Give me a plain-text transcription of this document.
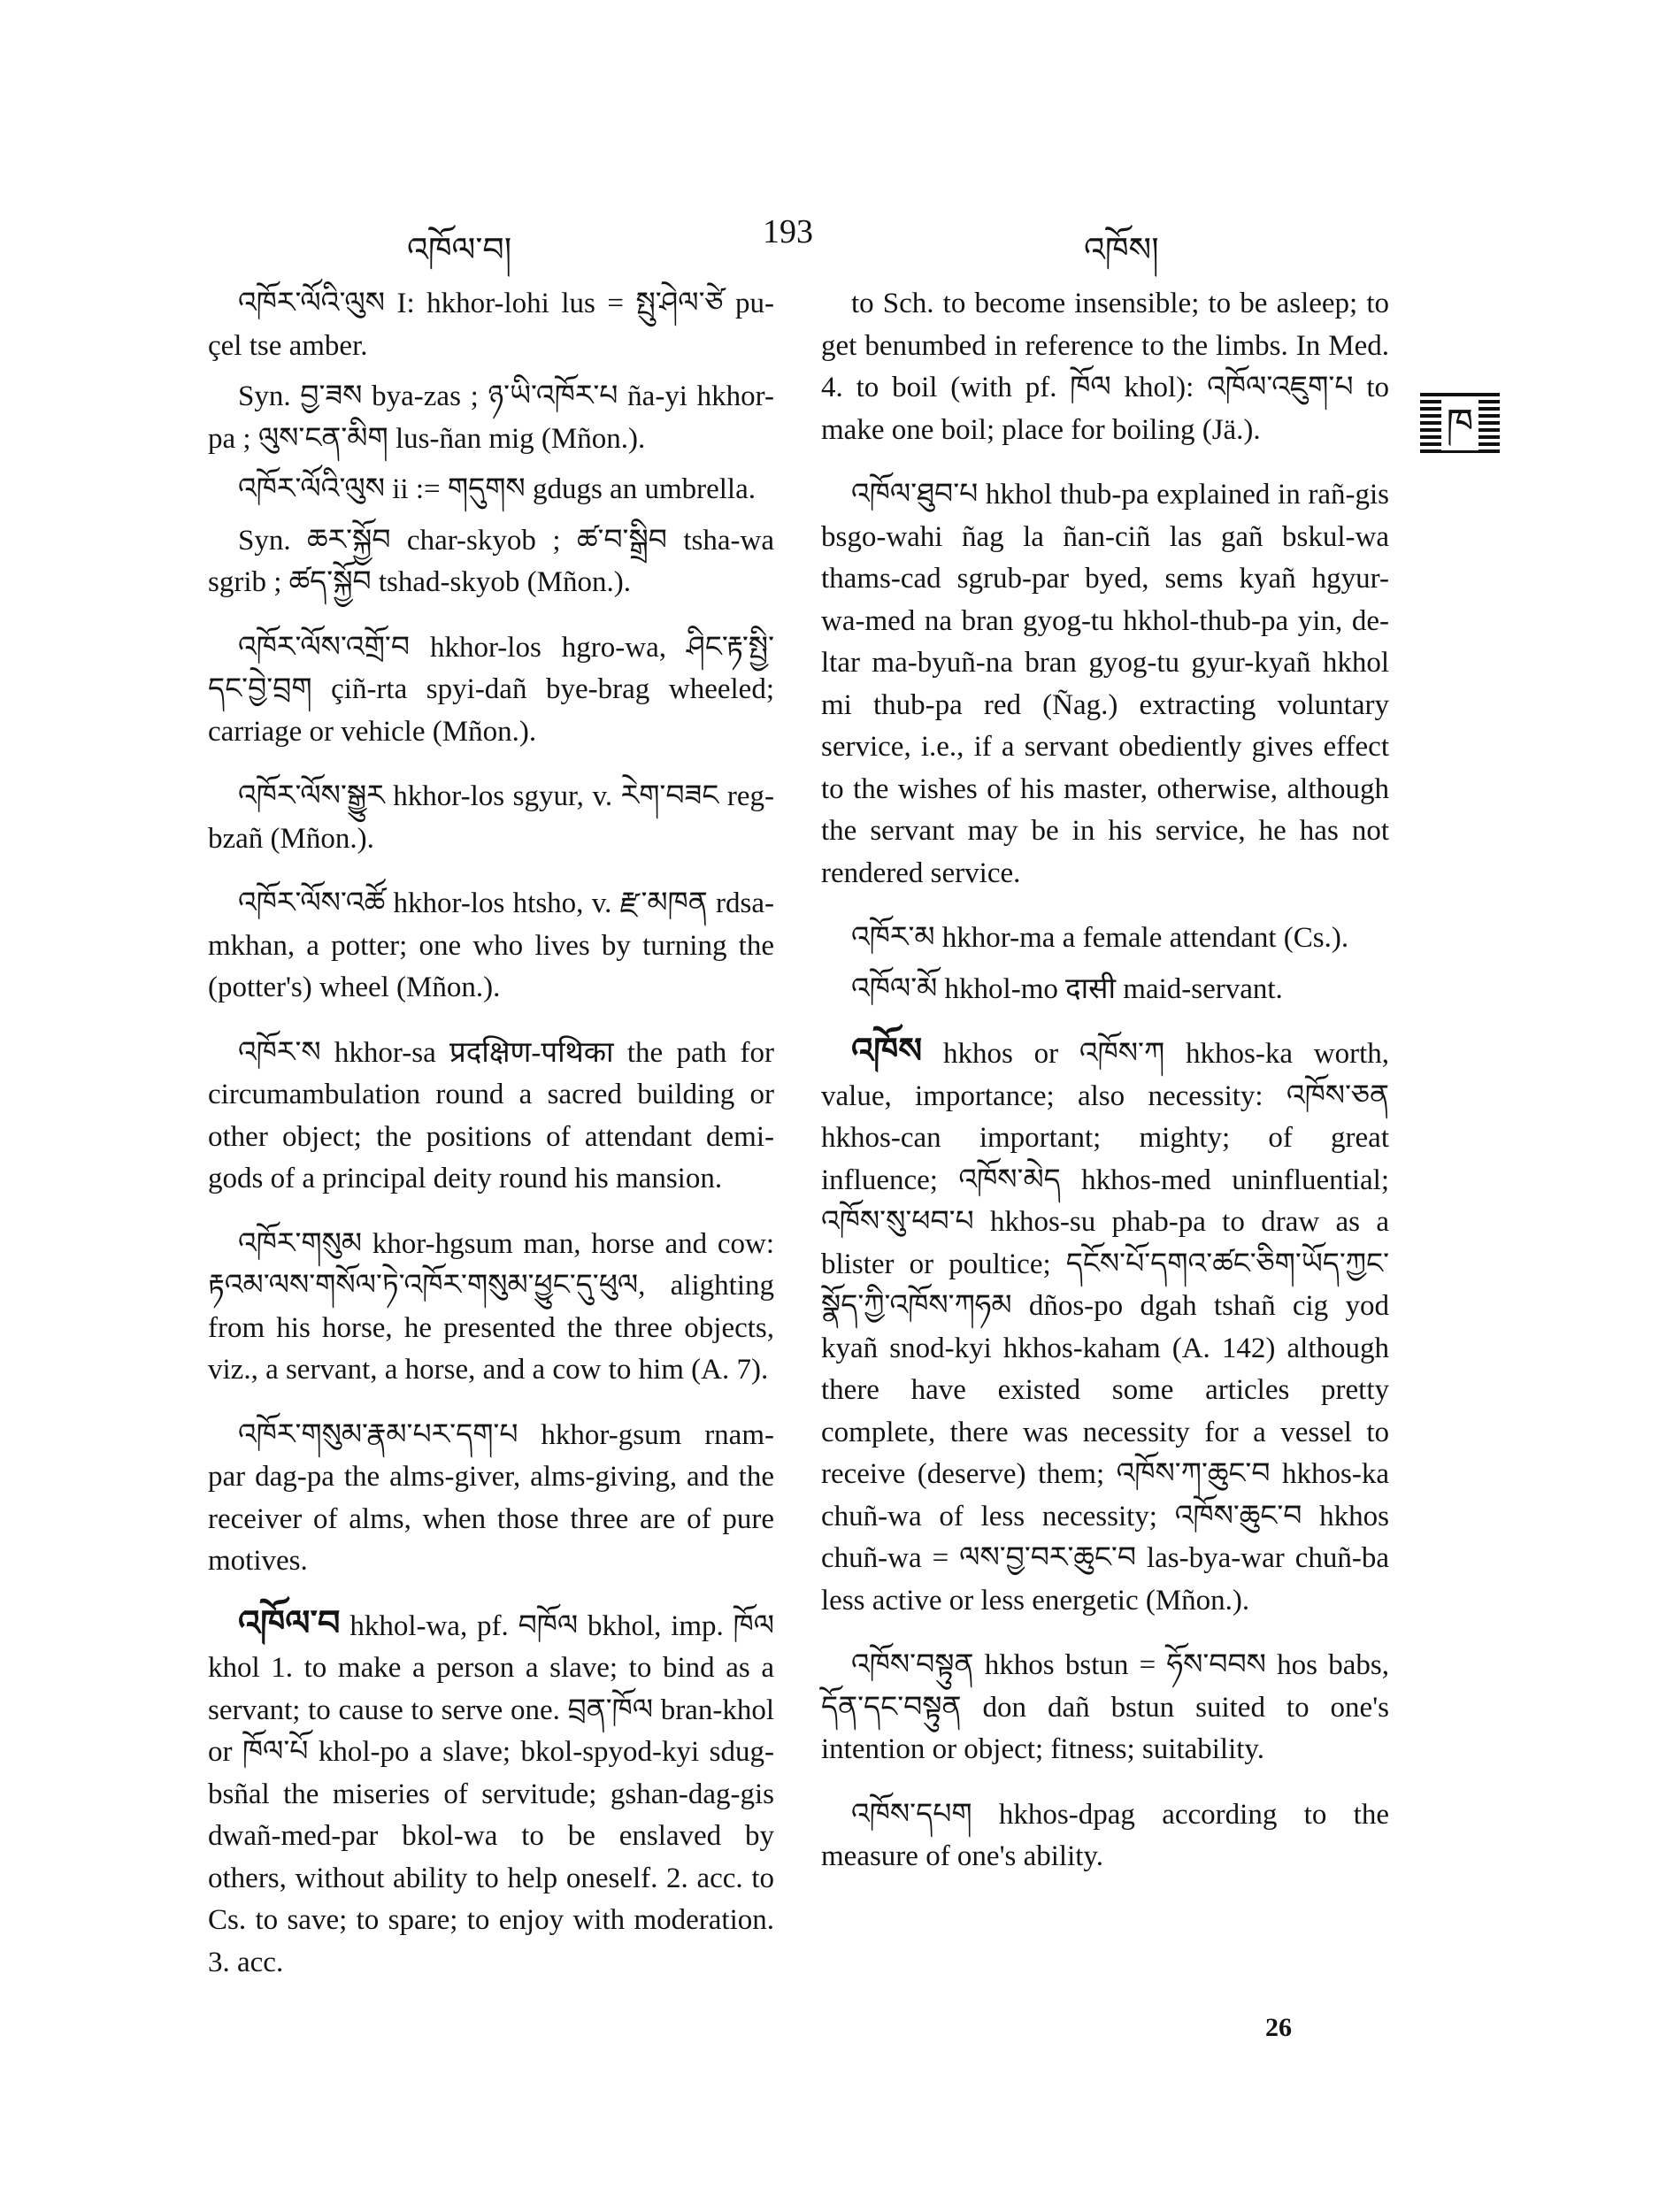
འཁོལ་བ།	193	འཁོས།
ཁ

འཁོར་ལོའི་ལུས I: hkhor-lohi lus = སྤུ་ཤེལ་ཙེ pu-çel tse amber.

Syn. བྱ་ཟས bya-zas ; ཉ་ཡི་འཁོར་པ ña-yi hkhor-pa ; ལུས་ངན་མིག lus-ñan mig (Mñon.).

འཁོར་ལོའི་ལུས ii := གདུགས gdugs an umbrella.

Syn. ཆར་སྐྱོབ char-skyob ; ཚ་བ་སྒྲིབ tsha-wa sgrib ; ཚད་སྐྱོབ tshad-skyob (Mñon.).

འཁོར་ལོས་འགྲོ་བ hkhor-los hgro-wa, ཤིང་རྟ་སྤྱི་དང་བྱེ་བྲག çiñ-rta spyi-dañ bye-brag wheeled; carriage or vehicle (Mñon.).

འཁོར་ལོས་སྒྱུར hkhor-los sgyur, v. རེག་བཟང reg-bzañ (Mñon.).

འཁོར་ལོས་འཚོ hkhor-los htsho, v. རྫ་མཁན rdsa-mkhan, a potter; one who lives by turning the (potter's) wheel (Mñon.).

འཁོར་ས hkhor-sa प्रदक्षिण-पथिका the path for circumambulation round a sacred building or other object; the positions of attendant demi-gods of a principal deity round his mansion.

འཁོར་གསུམ khor-hgsum man, horse and cow: རྟའམ་ལས་གསོལ་ཏེ་འཁོར་གསུམ་ཕྱུང་དུ་ཕུལ, alighting from his horse, he presented the three objects, viz., a servant, a horse, and a cow to him (A. 7).

འཁོར་གསུམ་རྣམ་པར་དག་པ hkhor-gsum rnam-par dag-pa the alms-giver, alms-giving, and the receiver of alms, when those three are of pure motives.

འཁོལ་བ hkhol-wa, pf. བཁོལ bkhol, imp. ཁོལ khol 1. to make a person a slave; to bind as a servant; to cause to serve one. བྲན་ཁོལ bran-khol or ཁོལ་པོ khol-po a slave; bkol-spyod-kyi sdug-bsñal the miseries of servitude; gshan-dag-gis dwañ-med-par bkol-wa to be enslaved by others, without ability to help oneself. 2. acc. to Cs. to save; to spare; to enjoy with moderation. 3. acc.

to Sch. to become insensible; to be asleep; to get benumbed in reference to the limbs. In Med. 4. to boil (with pf. ཁོལ khol): འཁོལ་འཇུག་པ to make one boil; place for boiling (Jä.).

འཁོལ་ཐུབ་པ hkhol thub-pa explained in rañ-gis bsgo-wahi ñag la ñan-ciñ las gañ bskul-wa thams-cad sgrub-par byed, sems kyañ hgyur-wa-med na bran gyog-tu hkhol-thub-pa yin, de-ltar ma-byuñ-na bran gyog-tu gyur-kyañ hkhol mi thub-pa red (Ñag.) extracting voluntary service, i.e., if a servant obediently gives effect to the wishes of his master, otherwise, although the servant may be in his service, he has not rendered service.

འཁོར་མ hkhor-ma a female attendant (Cs.).

འཁོལ་མོ hkhol-mo दासी maid-servant.

འཁོས hkhos or འཁོས་ཀ hkhos-ka worth, value, importance; also necessity: འཁོས་ཅན hkhos-can important; mighty; of great influence; འཁོས་མེད hkhos-med uninfluential; འཁོས་སུ་ཕབ་པ hkhos-su phab-pa to draw as a blister or poultice; དངོས་པོ་དགའ་ཚང་ཅིག་ཡོད་ཀྱང་སྣོད་ཀྱི་འཁོས་ཀཧམ dños-po dgah tshañ cig yod kyañ snod-kyi hkhos-kaham (A. 142) although there have existed some articles pretty complete, there was necessity for a vessel to receive (deserve) them; འཁོས་ཀ་ཆུང་བ hkhos-ka chuñ-wa of less necessity; འཁོས་ཆུང་བ hkhos chuñ-wa = ལས་བྱ་བར་ཆུང་བ las-bya-war chuñ-ba less active or less energetic (Mñon.).

འཁོས་བསྟུན hkhos bstun = ཧོས་བབས hos babs, དོན་དང་བསྟུན don dañ bstun suited to one's intention or object; fitness; suitability.

འཁོས་དཔག hkhos-dpag according to the measure of one's ability.

26
